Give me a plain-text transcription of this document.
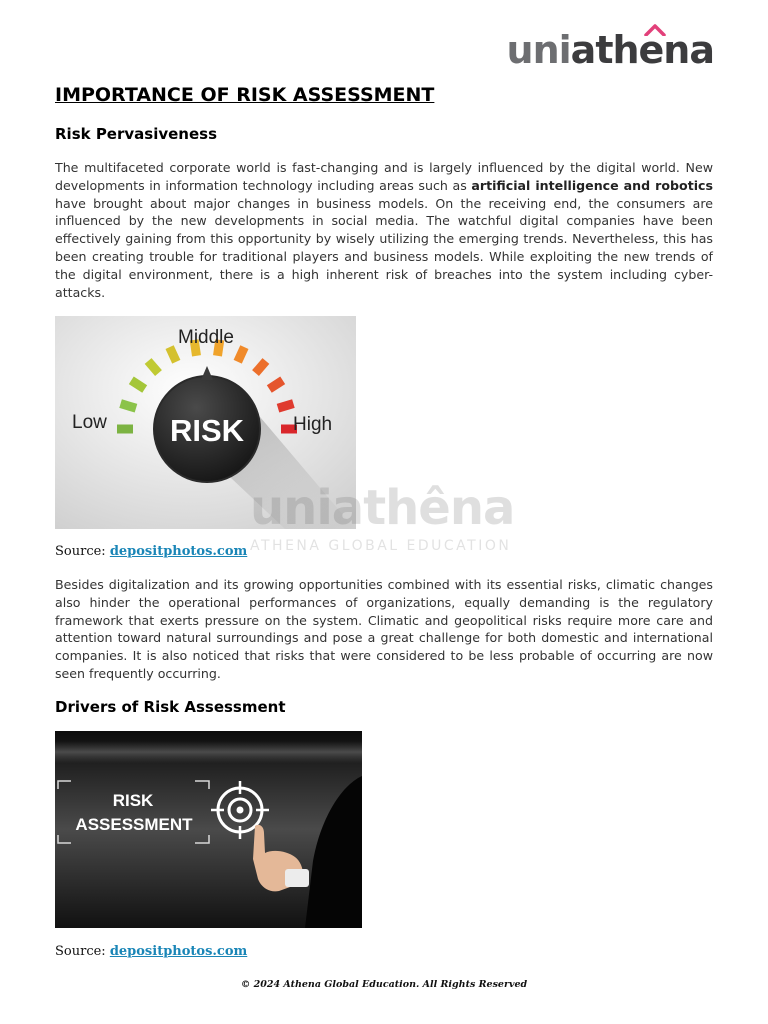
uniathena
IMPORTANCE OF RISK ASSESSMENT
Risk Pervasiveness

The multifaceted corporate world is fast-changing and is largely influenced by the digital world. New developments in information technology including areas such as artificial intelligence and robotics have brought about major changes in business models. On the receiving end, the consumers are influenced by the new developments in social media. The watchful digital companies have been effectively gaining from this opportunity by wisely utilizing the emerging trends. Nevertheless, this has been creating trouble for traditional players and business models. While exploiting the new trends of the digital environment, there is a high inherent risk of breaches into the system including cyber-attacks.

RISK
Middle
Low	High
Source: depositphotos.com
uniathêna
ATHENA GLOBAL EDUCATION

Besides digitalization and its growing opportunities combined with its essential risks, climatic changes also hinder the operational performances of organizations, equally demanding is the regulatory framework that exerts pressure on the system. Climatic and geopolitical risks require more care and attention toward natural surroundings and pose a great challenge for both domestic and international companies. It is also noticed that risks that were considered to be less probable of occurring are now seen frequently occurring.

Drivers of Risk Assessment
RISK
ASSESSMENT
Source: depositphotos.com
© 2024 Athena Global Education. All Rights Reserved
